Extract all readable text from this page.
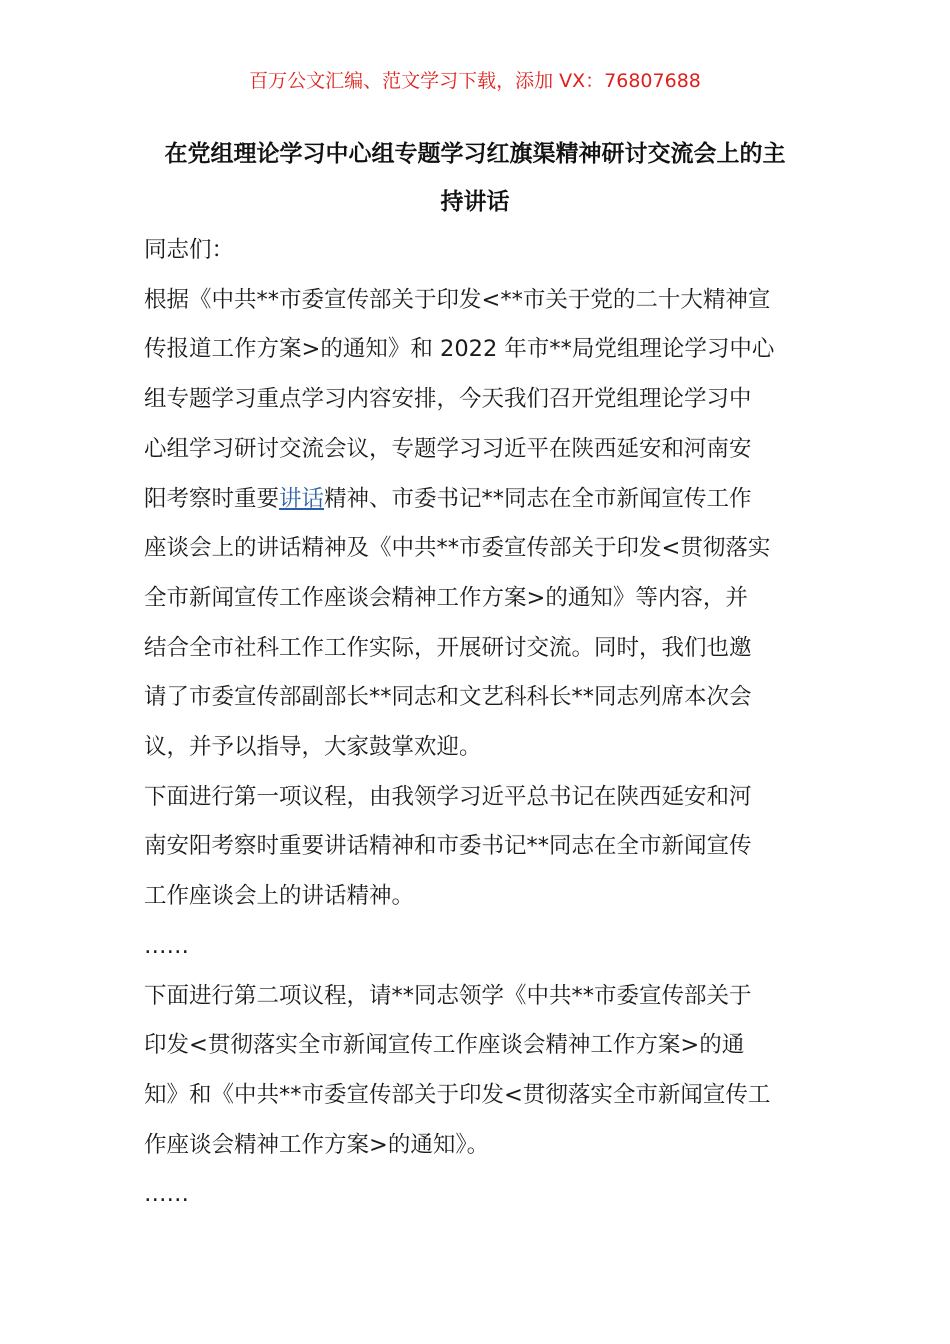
百万公文汇编、范文学习下载，添加 VX：76807688
在党组理论学习中心组专题学习红旗渠精神研讨交流会上的主
持讲话

同志们：

根据《中共**市委宣传部关于印发<**市关于党的二十大精神宣

传报道工作方案>的通知》和 2022 年市**局党组理论学习中心

组专题学习重点学习内容安排，今天我们召开党组理论学习中

心组学习研讨交流会议，专题学习习近平在陕西延安和河南安

阳考察时重要讲话精神、市委书记**同志在全市新闻宣传工作

座谈会上的讲话精神及《中共**市委宣传部关于印发<贯彻落实

全市新闻宣传工作座谈会精神工作方案>的通知》等内容，并

结合全市社科工作工作实际，开展研讨交流。同时，我们也邀

请了市委宣传部副部长**同志和文艺科科长**同志列席本次会

议，并予以指导，大家鼓掌欢迎。

下面进行第一项议程，由我领学习近平总书记在陕西延安和河

南安阳考察时重要讲话精神和市委书记**同志在全市新闻宣传

工作座谈会上的讲话精神。

……

下面进行第二项议程，请**同志领学《中共**市委宣传部关于

印发<贯彻落实全市新闻宣传工作座谈会精神工作方案>的通

知》和《中共**市委宣传部关于印发<贯彻落实全市新闻宣传工

作座谈会精神工作方案>的通知》。

……
